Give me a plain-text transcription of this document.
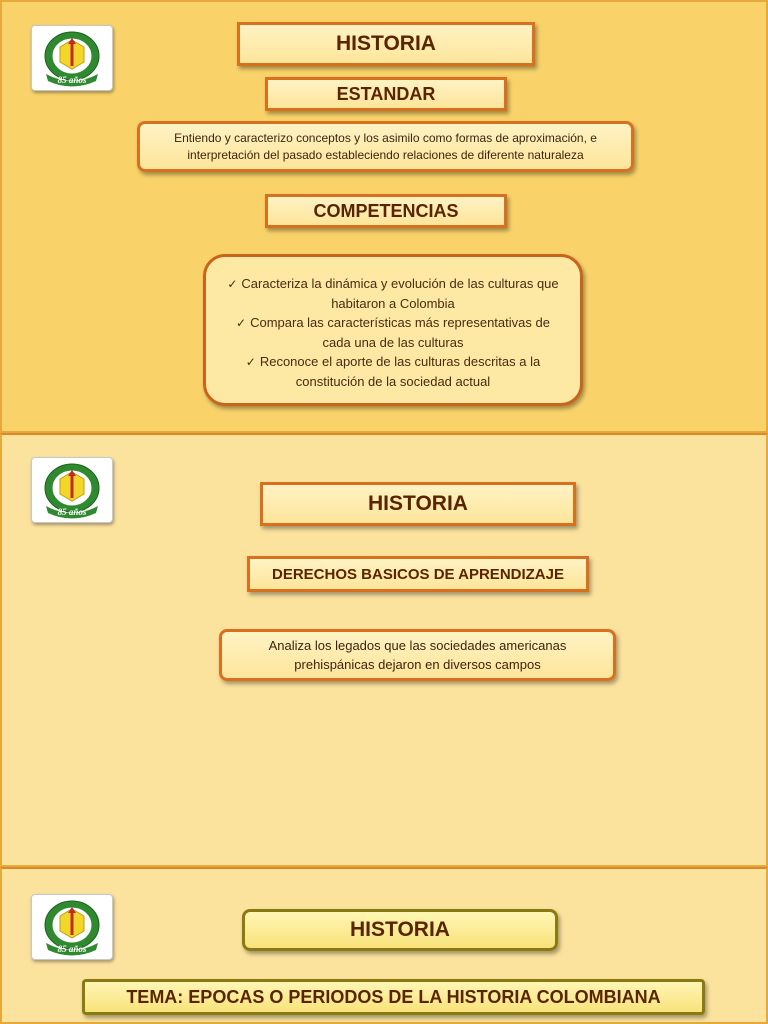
85 años
HISTORIA
ESTANDAR
Entiendo y caracterizo conceptos y los asimilo como formas de aproximación, e interpretación del pasado estableciendo relaciones de diferente naturaleza
COMPETENCIAS

✓ Caracteriza la dinámica y evolución de las culturas que habitaron a Colombia

✓ Compara las características más representativas de cada una de las culturas

✓ Reconoce el aporte de las culturas descritas a la constitución de la sociedad actual

85 años	HISTORIA
DERECHOS BASICOS DE APRENDIZAJE
Analiza los legados que las sociedades americanas prehispánicas dejaron en diversos campos
85 años
HISTORIA
TEMA: EPOCAS O PERIODOS DE LA HISTORIA COLOMBIANA
